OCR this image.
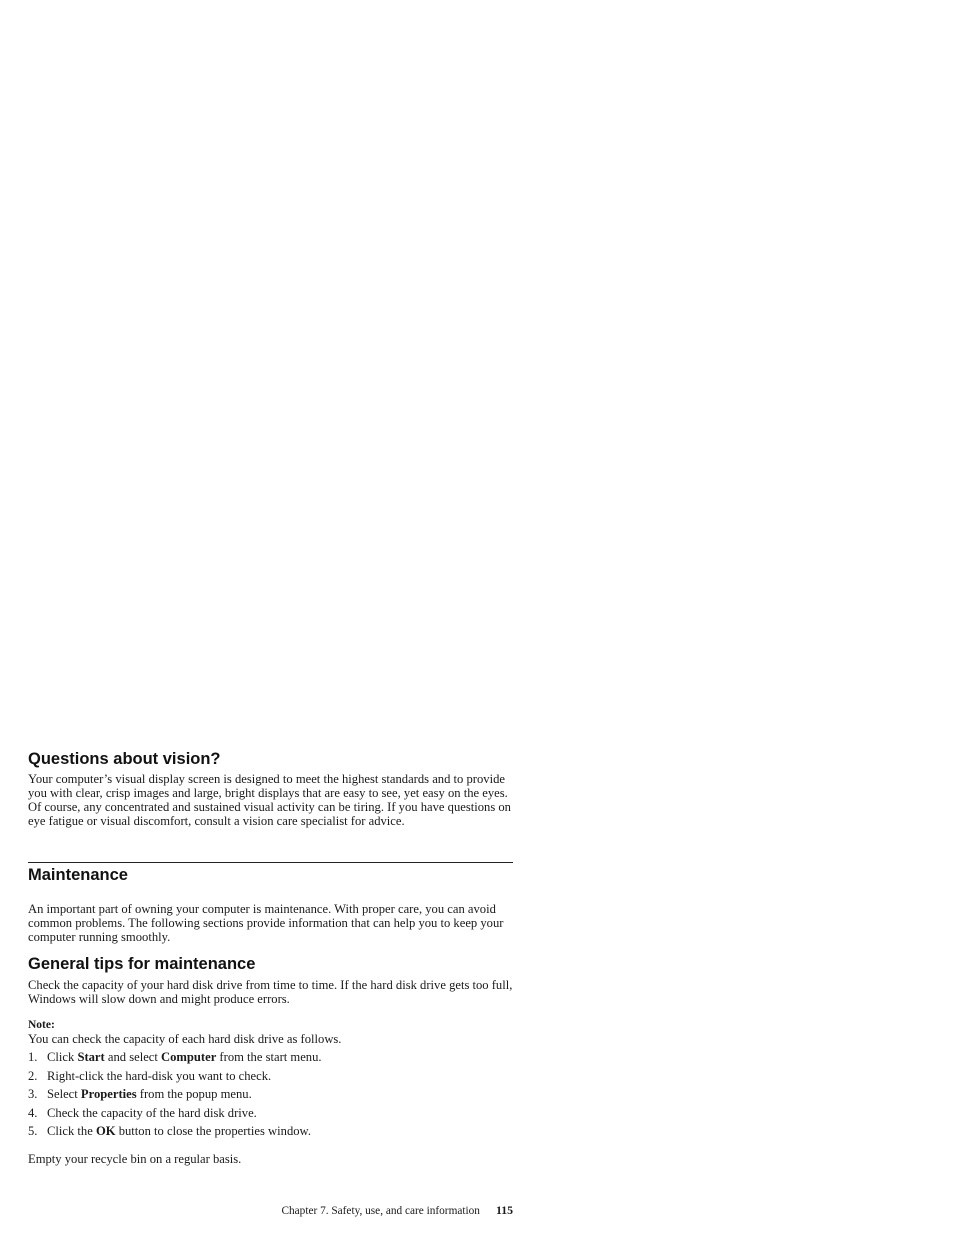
Questions about vision?

Your computer’s visual display screen is designed to meet the highest standards and to provide you with clear, crisp images and large, bright displays that are easy to see, yet easy on the eyes. Of course, any concentrated and sustained visual activity can be tiring. If you have questions on eye fatigue or visual discomfort, consult a vision care specialist for advice.

Maintenance

An important part of owning your computer is maintenance. With proper care, you can avoid common problems. The following sections provide information that can help you to keep your computer running smoothly.

General tips for maintenance

Check the capacity of your hard disk drive from time to time. If the hard disk drive gets too full, Windows will slow down and might produce errors.

Note:

You can check the capacity of each hard disk drive as follows.

1. Click Start and select Computer from the start menu.
2. Right-click the hard-disk you want to check.
3. Select Properties from the popup menu.
4. Check the capacity of the hard disk drive.
5. Click the OK button to close the properties window.

Empty your recycle bin on a regular basis.

Chapter 7. Safety, use, and care information 115
